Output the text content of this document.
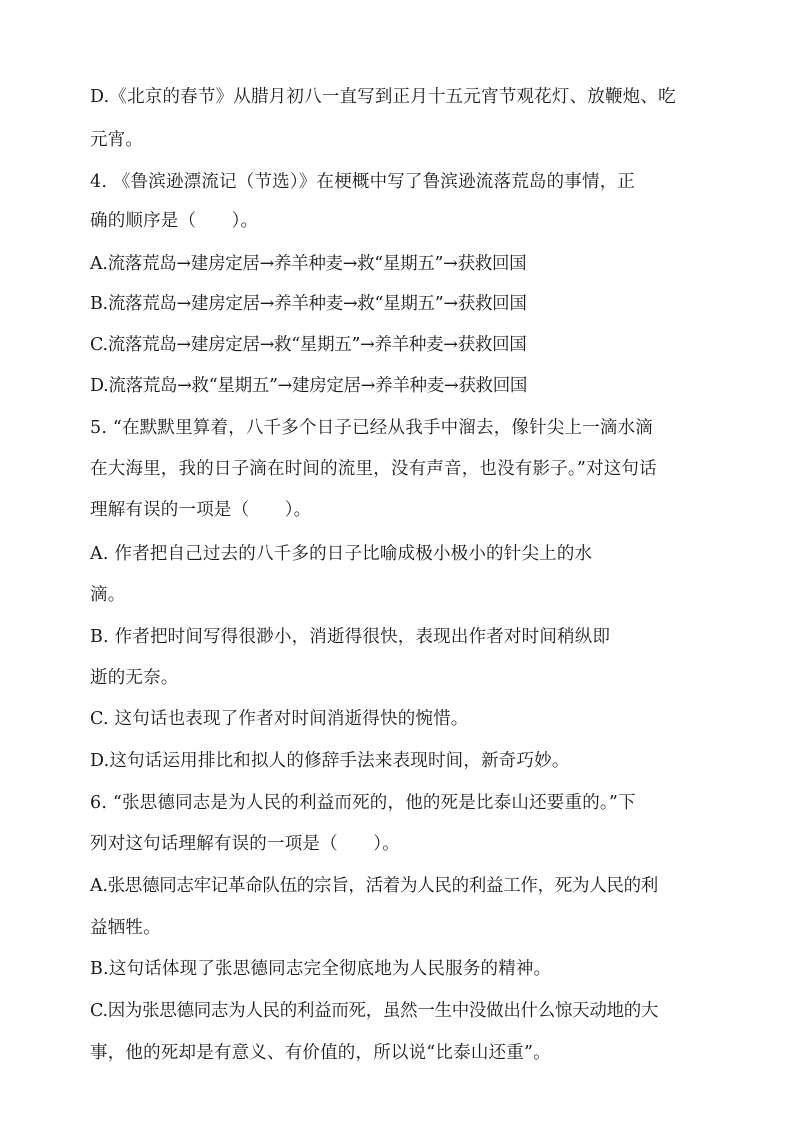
D.《北京的春节》从腊月初八一直写到正月十五元宵节观花灯、放鞭炮、吃
元宵。
4. 《鲁滨逊漂流记（节选）》在梗概中写了鲁滨逊流落荒岛的事情，正
确的顺序是（　　）。
A.流落荒岛→建房定居→养羊种麦→救“星期五”→获救回国
B.流落荒岛→建房定居→养羊种麦→救“星期五”→获救回国
C.流落荒岛→建房定居→救“星期五”→养羊种麦→获救回国
D.流落荒岛→救“星期五”→建房定居→养羊种麦→获救回国
5. “在默默里算着，八千多个日子已经从我手中溜去，像针尖上一滴水滴
在大海里，我的日子滴在时间的流里，没有声音，也没有影子。”对这句话
理解有误的一项是（　　）。
A. 作者把自己过去的八千多的日子比喻成极小极小的针尖上的水
滴。
B. 作者把时间写得很渺小，消逝得很快，表现出作者对时间稍纵即
逝的无奈。
C. 这句话也表现了作者对时间消逝得快的惋惜。
D.这句话运用排比和拟人的修辞手法来表现时间，新奇巧妙。
6. “张思德同志是为人民的利益而死的，他的死是比泰山还要重的。”下
列对这句话理解有误的一项是（　　）。
A.张思德同志牢记革命队伍的宗旨，活着为人民的利益工作，死为人民的利
益牺牲。
B.这句话体现了张思德同志完全彻底地为人民服务的精神。
C.因为张思德同志为人民的利益而死，虽然一生中没做出什么惊天动地的大
事，他的死却是有意义、有价值的，所以说“比泰山还重”。
